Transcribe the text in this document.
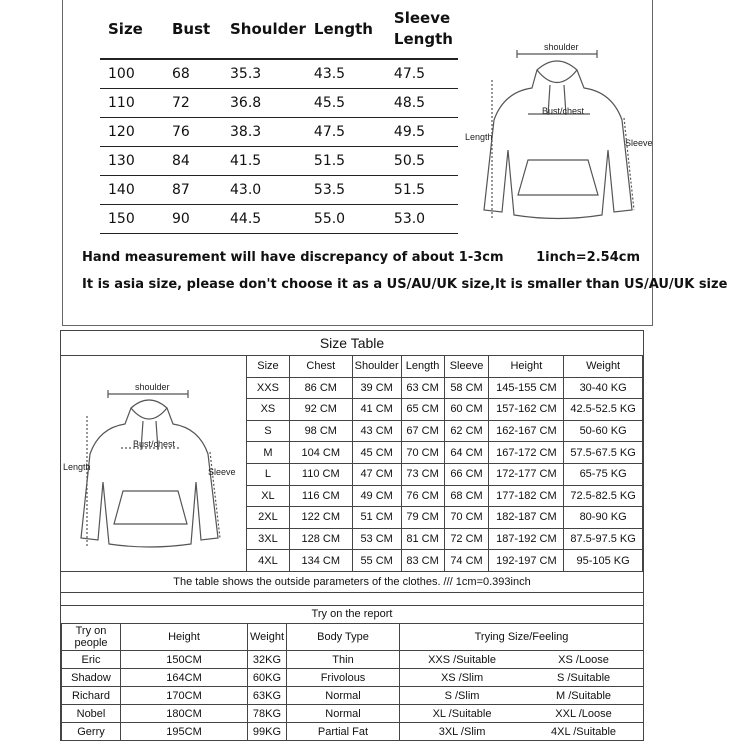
Size	Bust	Shoulder	Length	Sleeve
Length
100	68	35.3	43.5	47.5
110	72	36.8	45.5	48.5
120	76	38.3	47.5	49.5
130	84	41.5	51.5	50.5
140	87	43.0	53.5	51.5
150	90	44.5	55.0	53.0
Hand measurement will have discrepancy of about 1-3cm	1inch=2.54cm
It is asia size, please don't choose it as a US/AU/UK size,It is smaller than US/AU/UK size
shoulder
Bust/chest
Length
Sleeve
Size Table
Size	Chest	Shoulder	Length	Sleeve	Height	Weight
XXS	86 CM	39 CM	63 CM	58 CM	145-155 CM	30-40 KG
XS	92 CM	41 CM	65 CM	60 CM	157-162 CM	42.5-52.5 KG
S	98 CM	43 CM	67 CM	62 CM	162-167 CM	50-60 KG
M	104 CM	45 CM	70 CM	64 CM	167-172 CM	57.5-67.5 KG
L	110 CM	47 CM	73 CM	66 CM	172-177 CM	65-75 KG
XL	116 CM	49 CM	76 CM	68 CM	177-182 CM	72.5-82.5 KG
2XL	122 CM	51 CM	79 CM	70 CM	182-187 CM	80-90 KG
3XL	128 CM	53 CM	81 CM	72 CM	187-192 CM	87.5-97.5 KG
4XL	134 CM	55 CM	83 CM	74 CM	192-197 CM	95-105 KG
The table shows the outside parameters of the clothes. /// 1cm=0.393inch
Try on the report
Try on
people	Height	Weight	Body Type	Trying Size/Feeling	
Eric	150CM	32KG	Thin	XXS /Suitable	XS /Loose
Shadow	164CM	60KG	Frivolous	XS /Slim	S /Suitable
Richard	170CM	63KG	Normal	S /Slim	M /Suitable
Nobel	180CM	78KG	Normal	XL /Suitable	XXL /Loose
Gerry	195CM	99KG	Partial Fat	3XL /Slim	4XL /Suitable
shoulder
Bust/chest
Length	Sleeve
